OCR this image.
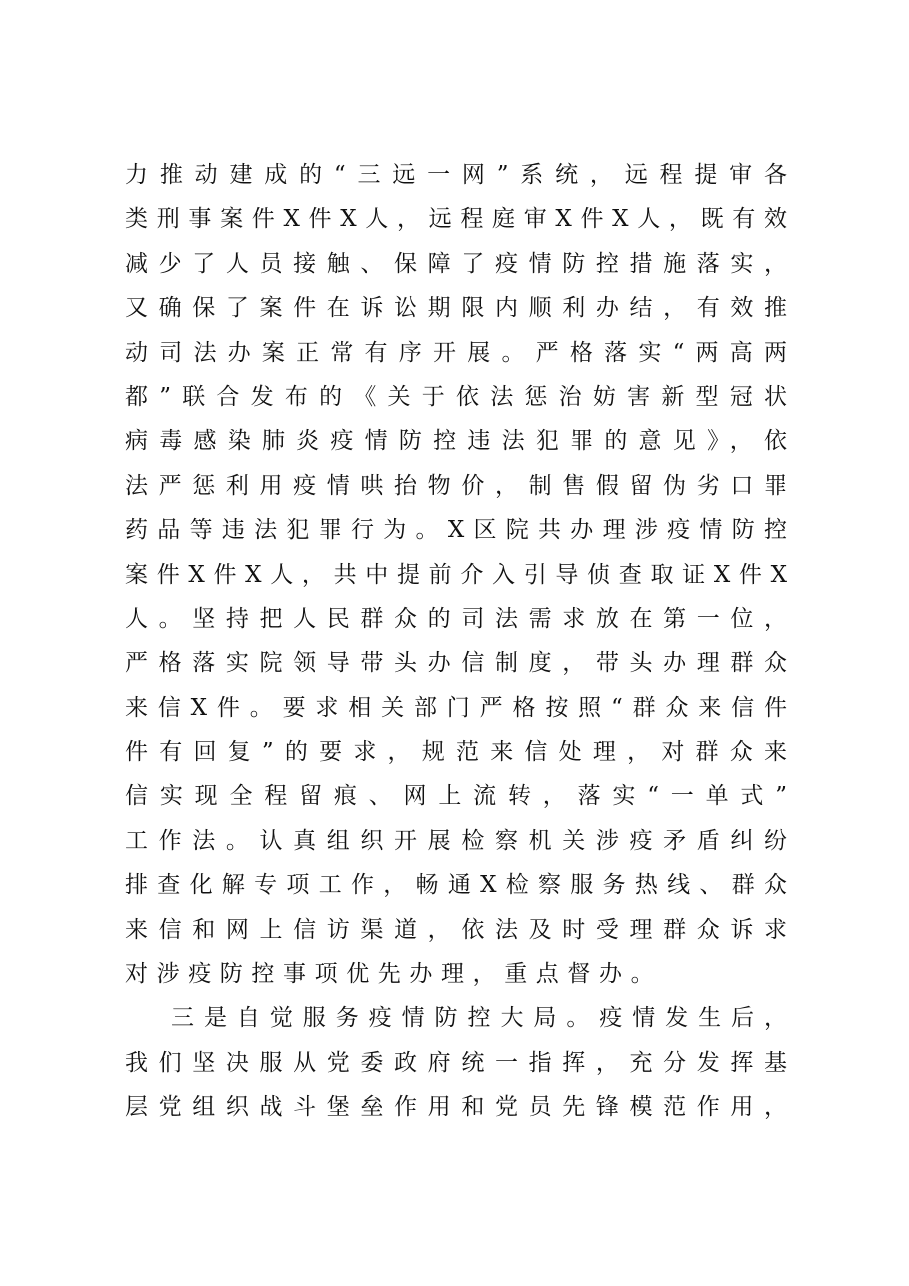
力推动建成的“三远一网”系统，远程提审各
类刑事案件X件X人，远程庭审X件X人，既有效
减少了人员接触、保障了疫情防控措施落实，
又确保了案件在诉讼期限内顺利办结，有效推
动司法办案正常有序开展。严格落实“两高两
都”联合发布的《关于依法惩治妨害新型冠状
病毒感染肺炎疫情防控违法犯罪的意见》，依
法严惩利用疫情哄抬物价，制售假留伪劣口罪
药品等违法犯罪行为。X区院共办理涉疫情防控
案件X件X人，共中提前介入引导侦查取证X件X
人。坚持把人民群众的司法需求放在第一位，
严格落实院领导带头办信制度，带头办理群众
来信X件。要求相关部门严格按照“群众来信件
件有回复”的要求，规范来信处理，对群众来
信实现全程留痕、网上流转，落实“一单式”
工作法。认真组织开展检察机关涉疫矛盾纠纷
排查化解专项工作，畅通X检察服务热线、群众
来信和网上信访渠道，依法及时受理群众诉求
对涉疫防控事项优先办理，重点督办。
三是自觉服务疫情防控大局。疫情发生后，
我们坚决服从党委政府统一指挥，充分发挥基
层党组织战斗堡垒作用和党员先锋模范作用，
